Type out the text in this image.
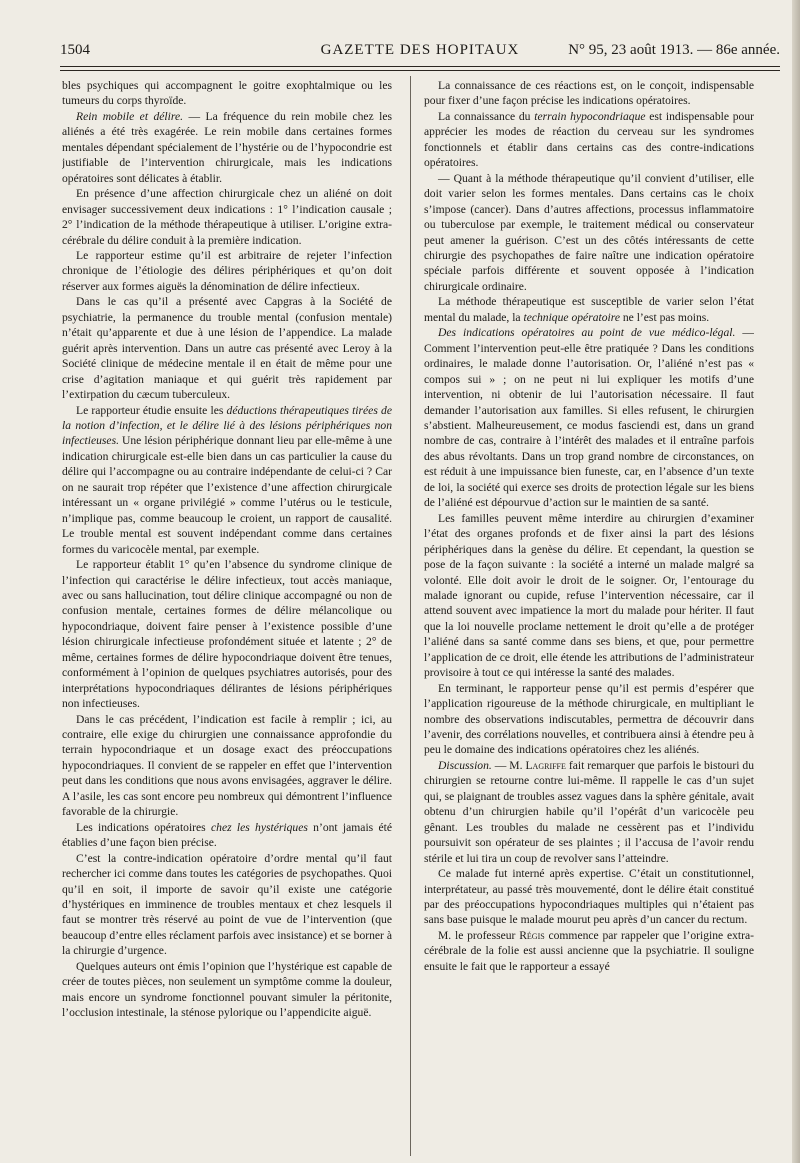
1504	GAZETTE DES HOPITAUX	N° 95, 23 août 1913. — 86e année.

bles psychiques qui accompagnent le goitre exophtalmique ou les tumeurs du corps thyroïde.

Rein mobile et délire. — La fréquence du rein mobile chez les aliénés a été très exagérée. Le rein mobile dans certaines formes mentales dépendant spécialement de l’hystérie ou de l’hypocondrie est justifiable de l’intervention chirurgicale, mais les indications opératoires sont délicates à établir.

En présence d’une affection chirurgicale chez un aliéné on doit envisager successivement deux indications : 1° l’indication causale ; 2° l’indication de la méthode thérapeutique à utiliser. L’origine extra-cérébrale du délire conduit à la première indication.

Le rapporteur estime qu’il est arbitraire de rejeter l’infection chronique de l’étiologie des délires périphériques et qu’on doit réserver aux formes aiguës la dénomination de délire infectieux.

Dans le cas qu’il a présenté avec Capgras à la Société de psychiatrie, la permanence du trouble mental (confusion mentale) n’était qu’apparente et due à une lésion de l’appendice. La malade guérit après intervention. Dans un autre cas présenté avec Leroy à la Société clinique de médecine mentale il en était de même pour une crise d’agitation maniaque et qui guérit très rapidement par l’extirpation du cæcum tuberculeux.

Le rapporteur étudie ensuite les déductions thérapeutiques tirées de la notion d’infection, et le délire lié à des lésions périphériques non infectieuses. Une lésion périphérique donnant lieu par elle-même à une indication chirurgicale est-elle bien dans un cas particulier la cause du délire qui l’accompagne ou au contraire indépendante de celui-ci ? Car on ne saurait trop répéter que l’existence d’une affection chirurgicale intéressant un « organe privilégié » comme l’utérus ou le testicule, n’implique pas, comme beaucoup le croient, un rapport de causalité. Le trouble mental est souvent indépendant comme dans certaines formes du varicocèle mental, par exemple.

Le rapporteur établit 1° qu’en l’absence du syndrome clinique de l’infection qui caractérise le délire infectieux, tout accès maniaque, avec ou sans hallucination, tout délire clinique accompagné ou non de confusion mentale, certaines formes de délire mélancolique ou hypocondriaque, doivent faire penser à l’existence possible d’une lésion chirurgicale infectieuse profondément située et latente ; 2° de même, certaines formes de délire hypocondriaque doivent être tenues, conformément à l’opinion de quelques psychiatres autorisés, pour des interprétations hypocondriaques délirantes de lésions périphériques non infectieuses.

Dans le cas précédent, l’indication est facile à remplir ; ici, au contraire, elle exige du chirurgien une connaissance approfondie du terrain hypocondriaque et un dosage exact des préoccupations hypocondriaques. Il convient de se rappeler en effet que l’intervention peut dans les conditions que nous avons envisagées, aggraver le délire. A l’asile, les cas sont encore peu nombreux qui démontrent l’influence favorable de la chirurgie.

Les indications opératoires chez les hystériques n’ont jamais été établies d’une façon bien précise.

C’est la contre-indication opératoire d’ordre mental qu’il faut rechercher ici comme dans toutes les catégories de psychopathes. Quoi qu’il en soit, il importe de savoir qu’il existe une catégorie d’hystériques en imminence de troubles mentaux et chez lesquels il faut se montrer très réservé au point de vue de l’intervention (que beaucoup d’entre elles réclament parfois avec insistance) et se borner à la chirurgie d’urgence.

Quelques auteurs ont émis l’opinion que l’hystérique est capable de créer de toutes pièces, non seulement un symptôme comme la douleur, mais encore un syndrome fonctionnel pouvant simuler la péritonite, l’occlusion intestinale, la sténose pylorique ou l’appendicite aiguë.

La connaissance de ces réactions est, on le conçoit, indispensable pour fixer d’une façon précise les indications opératoires.

La connaissance du terrain hypocondriaque est indispensable pour apprécier les modes de réaction du cerveau sur les syndromes fonctionnels et établir dans certains cas des contre-indications opératoires.

— Quant à la méthode thérapeutique qu’il convient d’utiliser, elle doit varier selon les formes mentales. Dans certains cas le choix s’impose (cancer). Dans d’autres affections, processus inflammatoire ou tuberculose par exemple, le traitement médical ou conservateur peut amener la guérison. C’est un des côtés intéressants de cette chirurgie des psychopathes de faire naître une indication opératoire spéciale parfois différente et souvent opposée à l’indication chirurgicale ordinaire.

La méthode thérapeutique est susceptible de varier selon l’état mental du malade, la technique opératoire ne l’est pas moins.

Des indications opératoires au point de vue médico-légal. — Comment l’intervention peut-elle être pratiquée ? Dans les conditions ordinaires, le malade donne l’autorisation. Or, l’aliéné n’est pas « compos sui » ; on ne peut ni lui expliquer les motifs d’une intervention, ni obtenir de lui l’autorisation nécessaire. Il faut demander l’autorisation aux familles. Si elles refusent, le chirurgien s’abstient. Malheureusement, ce modus fasciendi est, dans un grand nombre de cas, contraire à l’intérêt des malades et il entraîne parfois des abus révoltants. Dans un trop grand nombre de circonstances, on est réduit à une impuissance bien funeste, car, en l’absence d’un texte de loi, la société qui exerce ses droits de protection légale sur les biens de l’aliéné est dépourvue d’action sur le maintien de sa santé.

Les familles peuvent même interdire au chirurgien d’examiner l’état des organes profonds et de fixer ainsi la part des lésions périphériques dans la genèse du délire. Et cependant, la question se pose de la façon suivante : la société a interné un malade malgré sa volonté. Elle doit avoir le droit de le soigner. Or, l’entourage du malade ignorant ou cupide, refuse l’intervention nécessaire, car il attend souvent avec impatience la mort du malade pour hériter. Il faut que la loi nouvelle proclame nettement le droit qu’elle a de protéger l’aliéné dans sa santé comme dans ses biens, et que, pour permettre l’application de ce droit, elle étende les attributions de l’administrateur provisoire à tout ce qui intéresse la santé des malades.

En terminant, le rapporteur pense qu’il est permis d’espérer que l’application rigoureuse de la méthode chirurgicale, en multipliant le nombre des observations indiscutables, permettra de découvrir dans l’avenir, des corrélations nouvelles, et contribuera ainsi à étendre peu à peu le domaine des indications opératoires chez les aliénés.

Discussion. — M. Lagriffe fait remarquer que parfois le bistouri du chirurgien se retourne contre lui-même. Il rappelle le cas d’un sujet qui, se plaignant de troubles assez vagues dans la sphère génitale, avait obtenu d’un chirurgien habile qu’il l’opérât d’un varicocèle peu gênant. Les troubles du malade ne cessèrent pas et l’individu poursuivit son opérateur de ses plaintes ; il l’accusa de l’avoir rendu stérile et lui tira un coup de revolver sans l’atteindre.

Ce malade fut interné après expertise. C’était un constitutionnel, interprétateur, au passé très mouvementé, dont le délire était constitué par des préoccupations hypocondriaques multiples qui n’étaient pas sans base puisque le malade mourut peu après d’un cancer du rectum.

M. le professeur Régis commence par rappeler que l’origine extra-cérébrale de la folie est aussi ancienne que la psychiatrie. Il souligne ensuite le fait que le rapporteur a essayé
